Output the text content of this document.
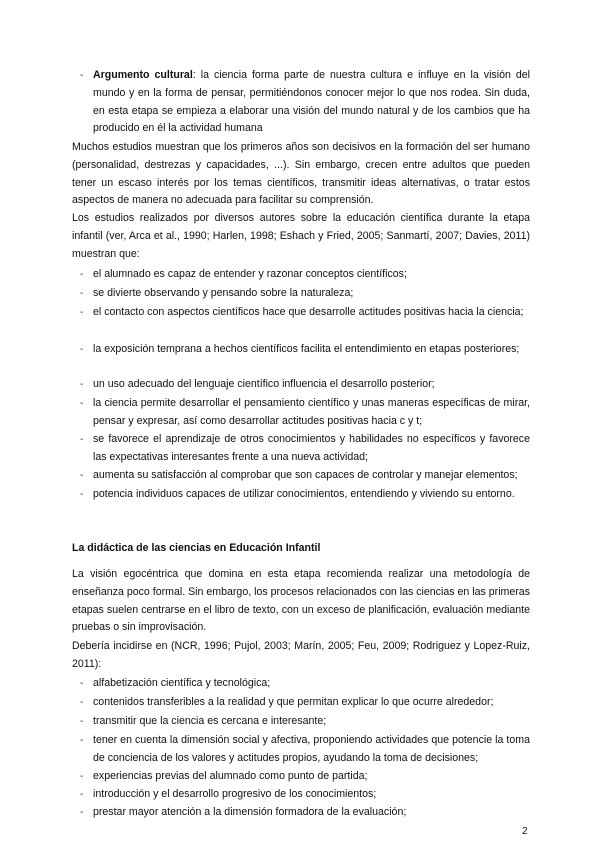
- Argumento cultural: la ciencia forma parte de nuestra cultura e influye en la visión del mundo y en la forma de pensar, permitiéndonos conocer mejor lo que nos rodea. Sin duda, en esta etapa se empieza a elaborar una visión del mundo natural y de los cambios que ha producido en él la actividad humana
Muchos estudios muestran que los primeros años son decisivos en la formación del ser humano (personalidad, destrezas y capacidades, ...). Sin embargo, crecen entre adultos que pueden tener un escaso interés por los temas científicos, transmitir ideas alternativas, o tratar estos aspectos de manera no adecuada para facilitar su comprensión.
Los estudios realizados por diversos autores sobre la educación científica durante la etapa infantil (ver, Arca et al., 1990; Harlen, 1998; Eshach y Fried, 2005; Sanmartí, 2007; Davies, 2011) muestran que:
- el alumnado es capaz de entender y razonar conceptos científicos;
- se divierte observando y pensando sobre la naturaleza;
- el contacto con aspectos científicos hace que desarrolle actitudes positivas hacia la ciencia;
- la exposición temprana a hechos científicos facilita el entendimiento en etapas posteriores;
- un uso adecuado del lenguaje científico influencia el desarrollo posterior;
- la ciencia permite desarrollar el pensamiento científico y unas maneras específicas de mirar, pensar y expresar, así como desarrollar actitudes positivas hacia c y t;
- se favorece el aprendizaje de otros conocimientos y habilidades no específicos y favorece las expectativas interesantes frente a una nueva actividad;
- aumenta su satisfacción al comprobar que son capaces de controlar y manejar elementos;
- potencia individuos capaces de utilizar conocimientos, entendiendo y viviendo su entorno.
La didáctica de las ciencias en Educación Infantil
La visión egocéntrica que domina en esta etapa recomienda realizar una metodología de enseñanza poco formal. Sin embargo, los procesos relacionados con las ciencias en las primeras etapas suelen centrarse en el libro de texto, con un exceso de planificación, evaluación mediante pruebas o sin improvisación.
Debería incidirse en (NCR, 1996; Pujol, 2003; Marín, 2005; Feu, 2009; Rodriguez y Lopez-Ruiz, 2011):
- alfabetización científica y tecnológica;
- contenidos transferibles a la realidad y que permitan explicar lo que ocurre alrededor;
- transmitir que la ciencia es cercana e interesante;
- tener en cuenta la dimensión social y afectiva, proponiendo actividades que potencie la toma de conciencia de los valores y actitudes propios, ayudando la toma de decisiones;
- experiencias previas del alumnado como punto de partida;
- introducción y el desarrollo progresivo de los conocimientos;
- prestar mayor atención a la dimensión formadora de la evaluación;
2
